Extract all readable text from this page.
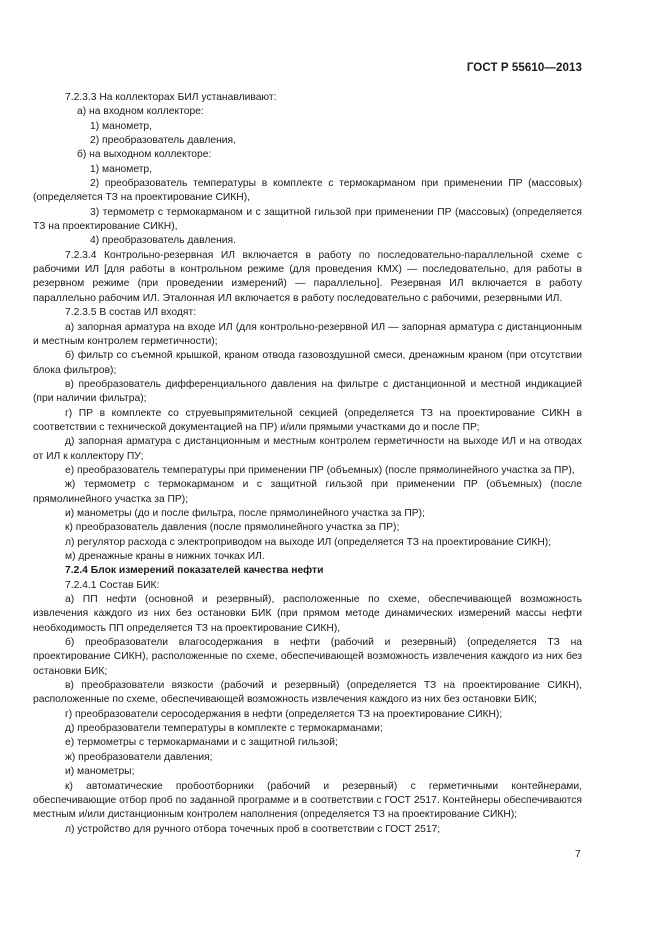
ГОСТ Р 55610—2013

7.2.3.3 На коллекторах БИЛ устанавливают:

а) на входном коллекторе:

1) манометр,

2) преобразователь давления,

б) на выходном коллекторе:

1) манометр,

2) преобразователь температуры в комплекте с термокарманом при применении ПР (массовых) (определяется ТЗ на проектирование СИКН),

3) термометр с термокарманом и с защитной гильзой при применении ПР (массовых) (определяется ТЗ на проектирование СИКН),

4) преобразователь давления.

7.2.3.4 Контрольно-резервная ИЛ включается в работу по последовательно-параллельной схеме с рабочими ИЛ [для работы в контрольном режиме (для проведения КМХ) — последовательно, для работы в резервном режиме (при проведении измерений) — параллельно]. Резервная ИЛ включается в работу параллельно рабочим ИЛ. Эталонная ИЛ включается в работу последовательно с рабочими, резервными ИЛ.

7.2.3.5 В состав ИЛ входят:

а) запорная арматура на входе ИЛ (для контрольно-резервной ИЛ — запорная арматура с дистанционным и местным контролем герметичности);

б) фильтр со съемной крышкой, краном отвода газовоздушной смеси, дренажным краном (при отсутствии блока фильтров);

в) преобразователь дифференциального давления на фильтре с дистанционной и местной индикацией (при наличии фильтра);

г) ПР в комплекте со струевыпрямительной секцией (определяется ТЗ на проектирование СИКН в соответствии с технической документацией на ПР) и/или прямыми участками до и после ПР;

д) запорная арматура с дистанционным и местным контролем герметичности на выходе ИЛ и на отводах от ИЛ к коллектору ПУ;

е) преобразователь температуры при применении ПР (объемных) (после прямолинейного участка за ПР),

ж) термометр с термокарманом и с защитной гильзой при применении ПР (объемных) (после прямолинейного участка за ПР);

и) манометры (до и после фильтра, после прямолинейного участка за ПР);

к) преобразователь давления (после прямолинейного участка за ПР);

л) регулятор расхода с электроприводом на выходе ИЛ (определяется ТЗ на проектирование СИКН);

м) дренажные краны в нижних точках ИЛ.

7.2.4 Блок измерений показателей качества нефти

7.2.4.1 Состав БИК:

а) ПП нефти (основной и резервный), расположенные по схеме, обеспечивающей возможность извлечения каждого из них без остановки БИК (при прямом методе динамических измерений массы нефти необходимость ПП определяется ТЗ на проектирование СИКН),

б) преобразователи влагосодержания в нефти (рабочий и резервный) (определяется ТЗ на проектирование СИКН), расположенные по схеме, обеспечивающей возможность извлечения каждого из них без остановки БИК;

в) преобразователи вязкости (рабочий и резервный) (определяется ТЗ на проектирование СИКН), расположенные по схеме, обеспечивающей возможность извлечения каждого из них без остановки БИК;

г) преобразователи серосодержания в нефти (определяется ТЗ на проектирование СИКН);

д) преобразователи температуры в комплекте с термокарманами;

е) термометры с термокарманами и с защитной гильзой;

ж) преобразователи давления;

и) манометры;

к) автоматические пробоотборники (рабочий и резервный) с герметичными контейнерами, обеспечивающие отбор проб по заданной программе и в соответствии с ГОСТ 2517. Контейнеры обеспечиваются местным и/или дистанционным контролем наполнения (определяется ТЗ на проектирование СИКН);

л) устройство для ручного отбора точечных проб в соответствии с ГОСТ 2517;

7
